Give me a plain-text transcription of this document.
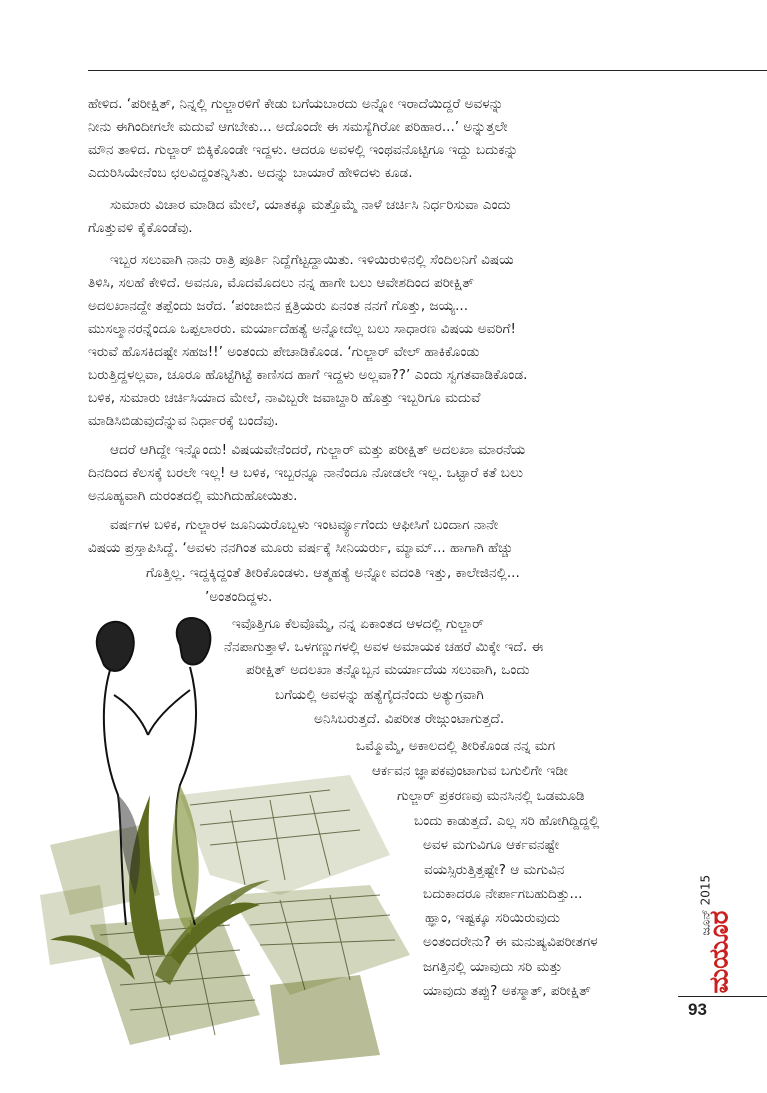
ಹೇಳಿದ. ‘ಪರೀಕ್ಷಿತ್, ನಿನ್ನಲ್ಲಿ ಗುಲ್ಜಾರಳಿಗೆ ಕೇಡು ಬಗೆಯಬಾರದು ಅನ್ನೋ ಇರಾದೆಯಿದ್ದರೆ ಅವಳನ್ನು
ನೀನು ಈಗಿಂದೀಗಲೇ ಮದುವೆ ಆಗಬೇಕು... ಅದೊಂದೇ ಈ ಸಮಸ್ಯೆಗಿರೋ ಪರಿಹಾರ...’ ಅನ್ನುತ್ತಲೇ
ಮೌನ ತಾಳಿದ. ಗುಲ್ಜಾರ್ ಬಿಕ್ಕಿಕೊಂಡೇ ಇದ್ದಳು. ಆದರೂ ಅವಳಲ್ಲಿ ಇಂಥವನೊಟ್ಟಿಗೂ ಇದ್ದು ಬದುಕನ್ನು
ಎದುರಿಸಿಯೇನೆಂಬ ಛಲವಿದ್ದಂತನ್ನಿಸಿತು. ಅದನ್ನು ಬಾಯಾರೆ ಹೇಳಿದಳು ಕೂಡ.
ಸುಮಾರು ವಿಚಾರ ಮಾಡಿದ ಮೇಲೆ, ಯಾತಕ್ಕೂ ಮತ್ತೊಮ್ಮೆ ನಾಳೆ ಚರ್ಚಿಸಿ ನಿರ್ಧರಿಸುವಾ ಎಂದು
ಗೊತ್ತುವಳಿ ಕೈಕೊಂಡೆವು.
ಇಬ್ಬರ ಸಲುವಾಗಿ ನಾನು ರಾತ್ರಿ ಪೂರ್ತಿ ನಿದ್ದೆಗೆಟ್ಟದ್ದಾಯಿತು. ಇಳಿಯಿರುಳಿನಲ್ಲಿ ಸೆಂದಿಲನಿಗೆ ವಿಷಯ
ತಿಳಿಸಿ, ಸಲಹೆ ಕೇಳಿದೆ. ಅವನೂ, ಮೊದಮೊದಲು ನನ್ನ ಹಾಗೇ ಬಲು ಆವೇಶದಿಂದ ಪರೀಕ್ಷಿತ್
ಅದಲಖಾನದ್ದೇ ತಪ್ಪೆಂದು ಜರೆದ. ‘ಪಂಜಾಬಿನ ಕ್ಷತ್ರಿಯರು ಏನಂತ ನನಗೆ ಗೊತ್ತು, ಜಯ್ಯ...
ಮುಸಲ್ಮಾನರನ್ನೆಂದೂ ಒಪ್ಪಲಾರರು. ಮರ್ಯಾದೆಹತ್ಯೆ ಅನ್ನೋದೆಲ್ಲ ಬಲು ಸಾಧಾರಣ ವಿಷಯ ಅವರಿಗೆ!
ಇರುವೆ ಹೊಸಕಿದಷ್ಟೇ ಸಹಜ!!’ ಅಂತಂದು ಪೇಚಾಡಿಕೊಂಡ. ‘ಗುಲ್ಜಾರ್ ವೇಲ್ ಹಾಕಿಕೊಂಡು
ಬರುತ್ತಿದ್ದಳಲ್ಲವಾ, ಚೂರೂ ಹೊಟ್ಟೆಗಿಟ್ಟೆ ಕಾಣಿಸದ ಹಾಗೆ ಇದ್ದಳು ಅಲ್ಲವಾ??’ ಎಂದು ಸ್ವಗತವಾಡಿಕೊಂಡ.
ಬಳಿಕ, ಸುಮಾರು ಚರ್ಚಿಸಿಯಾದ ಮೇಲೆ, ನಾವಿಬ್ಬರೇ ಜವಾಬ್ದಾರಿ ಹೊತ್ತು ಇಬ್ಬರಿಗೂ ಮದುವೆ
ಮಾಡಿಸಿಬಿಡುವುದೆನ್ನುವ ನಿರ್ಧಾರಕ್ಕೆ ಬಂದೆವು.
ಆದರೆ ಆಗಿದ್ದೇ ಇನ್ನೊಂದು! ವಿಷಯವೇನೆಂದರೆ, ಗುಲ್ಜಾರ್ ಮತ್ತು ಪರೀಕ್ಷಿತ್ ಅದಲಖಾ ಮಾರನೆಯ
ದಿನದಿಂದ ಕೆಲಸಕ್ಕೆ ಬರಲೇ ಇಲ್ಲ! ಆ ಬಳಿಕ, ಇಬ್ಬರನ್ನೂ ನಾನೆಂದೂ ನೋಡಲೇ ಇಲ್ಲ. ಒಟ್ಟಾರೆ ಕತೆ ಬಲು
ಅನೂಹ್ಯವಾಗಿ ದುರಂತದಲ್ಲಿ ಮುಗಿದುಹೋಯಿತು.
ವರ್ಷಗಳ ಬಳಿಕ, ಗುಲ್ಜಾರಳ ಜೂನಿಯರೊಬ್ಬಳು ಇಂಟರ್ವ್ಯೂಗೆಂದು ಆಫೀಸಿಗೆ ಬಂದಾಗ ನಾನೇ
ವಿಷಯ ಪ್ರಸ್ತಾಪಿಸಿದ್ದೆ. ‘ಅವಳು ನನಗಿಂತ ಮೂರು ವರ್ಷಕ್ಕೆ ಸೀನಿಯರ್ರು, ಮ್ಯಾಮ್... ಹಾಗಾಗಿ ಹೆಚ್ಚು
ಗೊತ್ತಿಲ್ಲ. ಇದ್ದಕ್ಕಿದ್ದಂತೆ ತೀರಿಕೊಂಡಳು. ಆತ್ಮಹತ್ಯೆ ಅನ್ನೋ ವದಂತಿ ಇತ್ತು, ಕಾಲೇಜಿನಲ್ಲಿ...
’ಅಂತಂದಿದ್ದಳು.
ಇವೊತ್ತಿಗೂ ಕೆಲವೊಮ್ಮೆ, ನನ್ನ ಏಕಾಂತದ ಆಳದಲ್ಲಿ ಗುಲ್ಜಾರ್
ನೆನಪಾಗುತ್ತಾಳೆ. ಒಳಗಣ್ಣುಗಳಲ್ಲಿ ಅವಳ ಅಮಾಯಕ ಚಹರೆ ಮಿಕ್ಕೇ ಇದೆ. ಈ
ಪರೀಕ್ಷಿತ್ ಅದಲಖಾ ತನ್ನೊಬ್ಬನ ಮರ್ಯಾದೆಯ ಸಲುವಾಗಿ, ಒಂದು
ಬಗೆಯಲ್ಲಿ ಅವಳನ್ನು ಹತ್ಯೆಗೈದನೆಂದು ಅತ್ಯುಗ್ರವಾಗಿ
ಅನಿಸಿಬರುತ್ತದೆ. ವಿಪರೀತ ರೇಜ್ಗುಂಟಾಗುತ್ತದೆ.
ಒಮ್ಮೊಮ್ಮೆ, ಅಕಾಲದಲ್ಲಿ ತೀರಿಕೊಂಡ ನನ್ನ ಮಗ
ಆರ್ಕವನ ಜ್ಞಾಪಕವುಂಟಾಗುವ ಬಗುಲಿಗೇ ಇಡೀ
ಗುಲ್ಜಾರ್ ಪ್ರಕರಣವು ಮನಸಿನಲ್ಲಿ ಒಡಮೂಡಿ
ಬಂದು ಕಾಡುತ್ತದೆ. ಎಲ್ಲ ಸರಿ ಹೋಗಿದ್ದಿದ್ದಲ್ಲಿ
ಅವಳ ಮಗುವಿಗೂ ಆರ್ಕವನಷ್ಟೇ
ವಯಸ್ಸಿರುತ್ತಿತ್ತಷ್ಟೇ? ಆ ಮಗುವಿನ
ಬದುಕಾದರೂ ನೇರ್ಪಾಗಬಹುದಿತ್ತು...
ಹ್ಞಾಂ, ಇಷ್ಟಕ್ಕೂ ಸರಿಯಿರುವುದು
ಅಂತಂದರೇನು? ಈ ಮನುಷ್ಯವಿಪರೀತಗಳ
ಜಗತ್ತಿನಲ್ಲಿ ಯಾವುದು ಸರಿ ಮತ್ತು
ಯಾವುದು ತಪ್ಪು? ಅಕಸ್ಮಾತ್, ಪರೀಕ್ಷಿತ್
ಜೂನ್ 2015
ಮಯೂರ
93
